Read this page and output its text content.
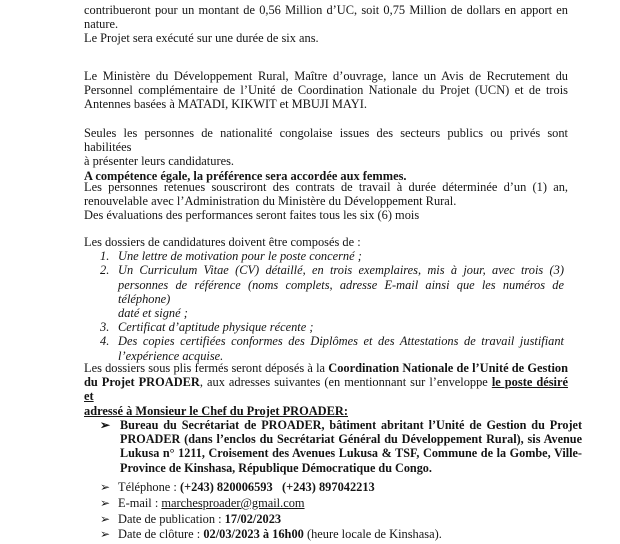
contribueront pour un montant de 0,56 Million d’UC, soit 0,75 Million de dollars en apport en
nature.
Le Projet sera exécuté sur une durée de six ans.
Le Ministère du Développement Rural, Maître d’ouvrage, lance un Avis de Recrutement du
Personnel complémentaire de l’Unité de Coordination Nationale du Projet (UCN) et de trois
Antennes basées à MATADI, KIKWIT et MBUJI MAYI.
Seules les personnes de nationalité congolaise issues des secteurs publics ou privés sont habilitées
à présenter leurs candidatures.
A compétence égale, la préférence sera accordée aux femmes.
Les personnes retenues souscriront des contrats de travail à durée déterminée d’un (1) an,
renouvelable avec l’Administration du Ministère du Développement Rural.
Des évaluations des performances seront faites tous les six (6) mois
Les dossiers de candidatures doivent être composés de :
1. Une lettre de motivation pour le poste concerné ;
2. Un Curriculum Vitae (CV) détaillé, en trois exemplaires, mis à jour, avec trois (3)
personnes de référence (noms complets, adresse E-mail ainsi que les numéros de téléphone)
daté et signé ;
3. Certificat d’aptitude physique récente ;
4. Des copies certifiées conformes des Diplômes et des Attestations de travail justifiant
l’expérience acquise.
Les dossiers sous plis fermés seront déposés à la Coordination Nationale de l’Unité de Gestion
du Projet PROADER, aux adresses suivantes (en mentionnant sur l’enveloppe le poste désiré et
adressé à Monsieur le Chef du Projet PROADER:
➢ Bureau du Secrétariat de PROADER, bâtiment abritant l’Unité de Gestion du Projet
PROADER (dans l’enclos du Secrétariat Général du Développement Rural), sis Avenue
Lukusa n° 1211, Croisement des Avenues Lukusa & TSF, Commune de la Gombe, Ville-
Province de Kinshasa, République Démocratique du Congo.
➢ Téléphone : (+243) 820006593   (+243) 897042213
➢ E-mail : marchesproader@gmail.com
➢ Date de publication : 17/02/2023
➢ Date de clôture : 02/03/2023 à 16h00 (heure locale de Kinshasa).
